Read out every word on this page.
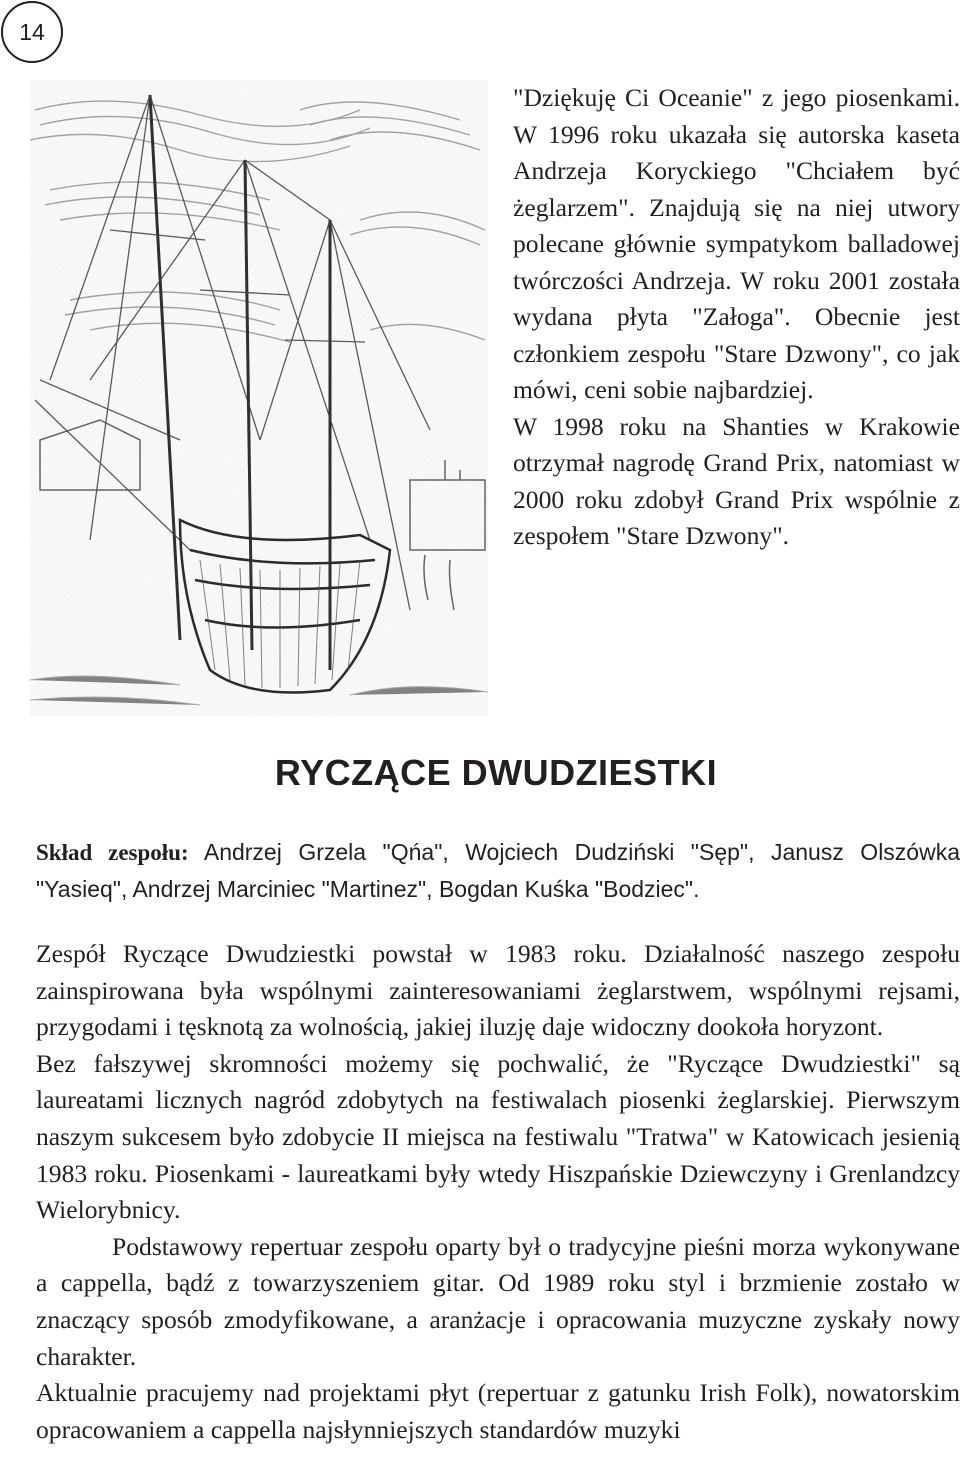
14

"Dziękuję Ci Oceanie" z jego piosenkami. W 1996 roku ukazała się autorska kaseta Andrzeja Koryckiego "Chciałem być żeglarzem". Znajdują się na niej utwory polecane głównie sympatykom balladowej twórczości Andrzeja. W roku 2001 została wydana płyta "Załoga". Obecnie jest członkiem zespołu "Stare Dzwony", co jak mówi, ceni sobie najbardziej.

W 1998 roku na Shanties w Krakowie otrzymał nagrodę Grand Prix, natomiast w 2000 roku zdobył Grand Prix wspólnie z zespołem "Stare Dzwony".

RYCZĄCE DWUDZIESTKI

Skład zespołu: Andrzej Grzela "Qńa", Wojciech Dudziński "Sęp", Janusz Olszówka "Yasieq", Andrzej Marciniec "Martinez", Bogdan Kuśka "Bodziec".

Zespół Ryczące Dwudziestki powstał w 1983 roku. Działalność naszego zespołu zainspirowana była wspólnymi zainteresowaniami żeglarstwem, wspólnymi rejsami, przygodami i tęsknotą za wolnością, jakiej iluzję daje widoczny dookoła horyzont.

Bez fałszywej skromności możemy się pochwalić, że "Ryczące Dwudziestki" są laureatami licznych nagród zdobytych na festiwalach piosenki żeglarskiej. Pierwszym naszym sukcesem było zdobycie II miejsca na festiwalu "Tratwa" w Katowicach jesienią 1983 roku. Piosenkami - laureatkami były wtedy Hiszpańskie Dziewczyny i Grenlandzcy Wielorybnicy.

Podstawowy repertuar zespołu oparty był o tradycyjne pieśni morza wykonywane a cappella, bądź z towarzyszeniem gitar. Od 1989 roku styl i brzmienie zostało w znaczący sposób zmodyfikowane, a aranżacje i opracowania muzyczne zyskały nowy charakter.

Aktualnie pracujemy nad projektami płyt (repertuar z gatunku Irish Folk), nowatorskim opracowaniem a cappella najsłynniejszych standardów muzyki
